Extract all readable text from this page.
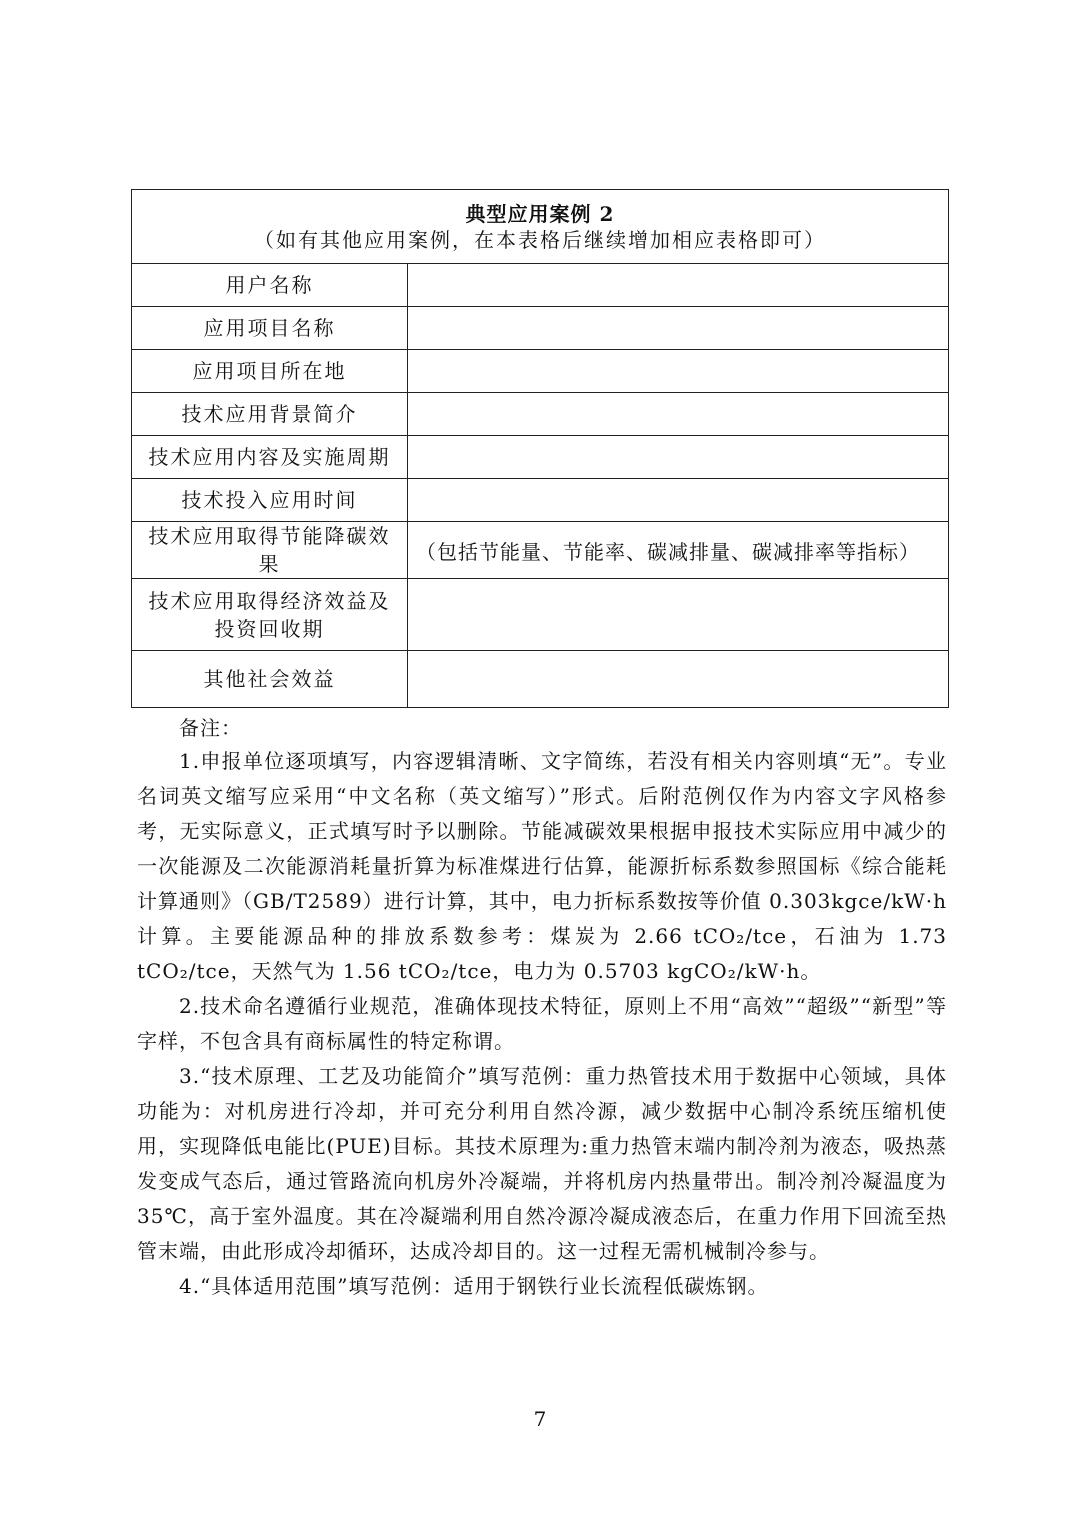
典型应用案例 2
（如有其他应用案例，在本表格后继续增加相应表格即可）	

用户名称	
应用项目名称	
应用项目所在地	
技术应用背景简介	
技术应用内容及实施周期	
技术投入应用时间	
技术应用取得节能降碳效果	（包括节能量、节能率、碳减排量、碳减排率等指标）
技术应用取得经济效益及投资回收期	
其他社会效益	

备注：

1.申报单位逐项填写，内容逻辑清晰、文字简练，若没有相关内容则填“无”。专业名词英文缩写应采用“中文名称（英文缩写）”形式。后附范例仅作为内容文字风格参考，无实际意义，正式填写时予以删除。节能减碳效果根据申报技术实际应用中减少的一次能源及二次能源消耗量折算为标准煤进行估算，能源折标系数参照国标《综合能耗计算通则》（GB/T2589）进行计算，其中，电力折标系数按等价值 0.303kgce/kW·h 计算。主要能源品种的排放系数参考：煤炭为 2.66 tCO₂/tce，石油为 1.73 tCO₂/tce，天然气为 1.56 tCO₂/tce，电力为 0.5703 kgCO₂/kW·h。

2.技术命名遵循行业规范，准确体现技术特征，原则上不用“高效”“超级”“新型”等字样，不包含具有商标属性的特定称谓。

3.“技术原理、工艺及功能简介”填写范例：重力热管技术用于数据中心领域，具体功能为：对机房进行冷却，并可充分利用自然冷源，减少数据中心制冷系统压缩机使用，实现降低电能比(PUE)目标。其技术原理为:重力热管末端内制冷剂为液态，吸热蒸发变成气态后，通过管路流向机房外冷凝端，并将机房内热量带出。制冷剂冷凝温度为 35℃，高于室外温度。其在冷凝端利用自然冷源冷凝成液态后，在重力作用下回流至热管末端，由此形成冷却循环，达成冷却目的。这一过程无需机械制冷参与。

4.“具体适用范围”填写范例：适用于钢铁行业长流程低碳炼钢。

7
